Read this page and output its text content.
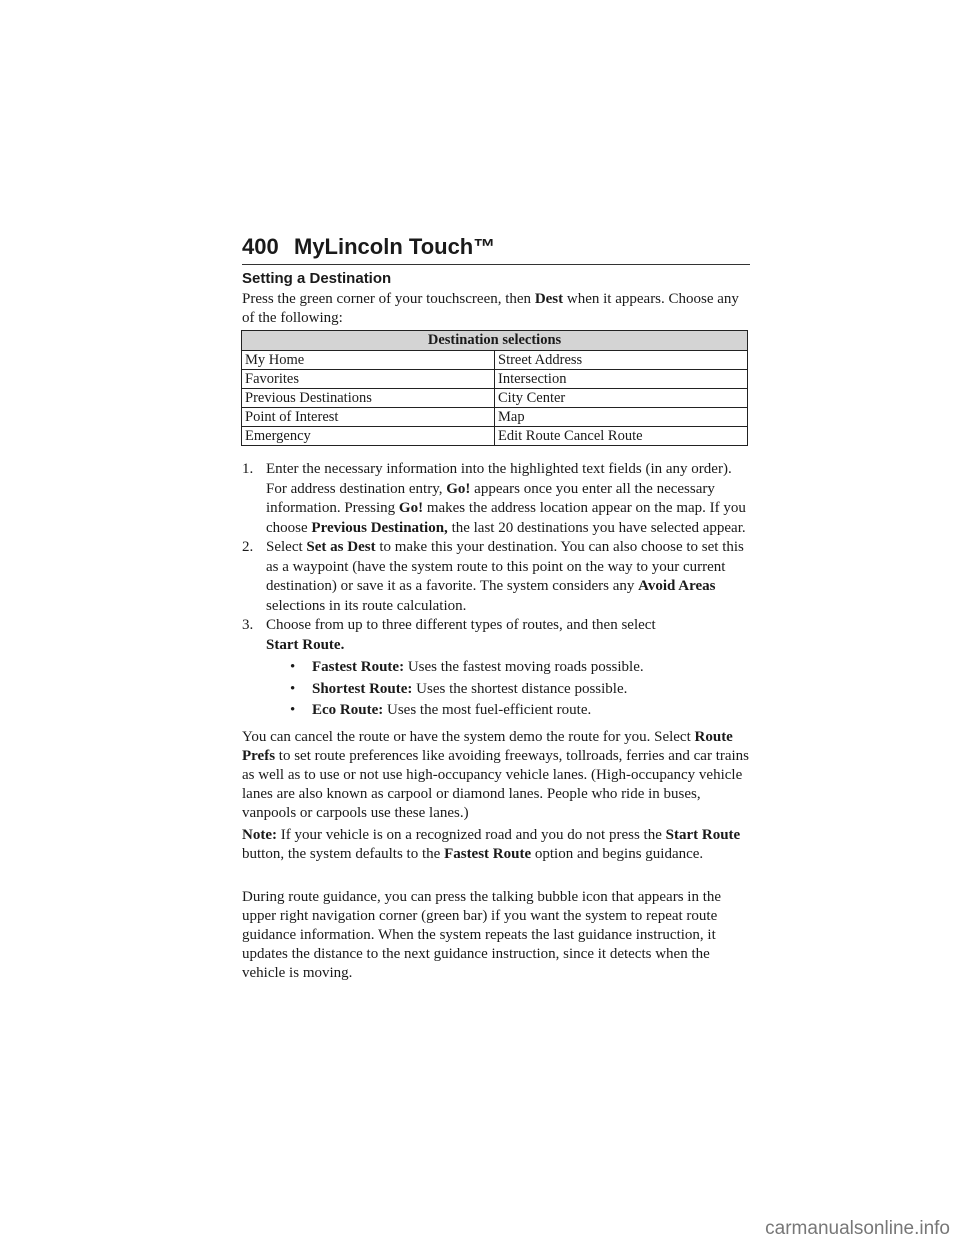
400 MyLincoln Touch™
Setting a Destination
Press the green corner of your touchscreen, then Dest when it appears. Choose any of the following:
Destination selections	
My Home	Street Address
Favorites	Intersection
Previous Destinations	City Center
Point of Interest	Map
Emergency	Edit Route Cancel Route
1. Enter the necessary information into the highlighted text fields (in any order). For address destination entry, Go! appears once you enter all the necessary information. Pressing Go! makes the address location appear on the map. If you choose Previous Destination, the last 20 destinations you have selected appear.
2. Select Set as Dest to make this your destination. You can also choose to set this as a waypoint (have the system route to this point on the way to your current destination) or save it as a favorite. The system considers any Avoid Areas selections in its route calculation.
3. Choose from up to three different types of routes, and then select
Start Route.
•	Fastest Route: Uses the fastest moving roads possible.
•	Shortest Route: Uses the shortest distance possible.
•	Eco Route: Uses the most fuel-efficient route.
You can cancel the route or have the system demo the route for you. Select Route Prefs to set route preferences like avoiding freeways, tollroads, ferries and car trains as well as to use or not use high-occupancy vehicle lanes. (High-occupancy vehicle lanes are also known as carpool or diamond lanes. People who ride in buses, vanpools or carpools use these lanes.)
Note: If your vehicle is on a recognized road and you do not press the Start Route button, the system defaults to the Fastest Route option and begins guidance.
During route guidance, you can press the talking bubble icon that appears in the upper right navigation corner (green bar) if you want the system to repeat route guidance information. When the system repeats the last guidance instruction, it updates the distance to the next guidance instruction, since it detects when the vehicle is moving.
carmanualsonline.info
